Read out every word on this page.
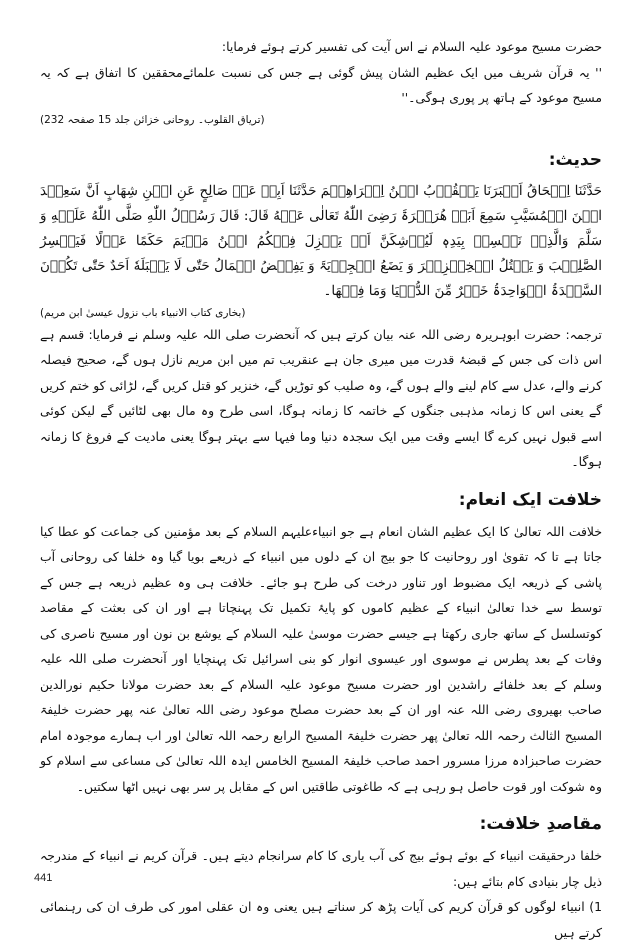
حضرت مسیح موعود علیہ السلام نے اس آیت کی تفسیر کرتے ہوئے فرمایا:

'' یہ قرآن شریف میں ایک عظیم الشان پیش گوئی ہے جس کی نسبت علمائےمحققین کا اتفاق ہے کہ یہ مسیح موعود کے ہاتھ پر پوری ہوگی۔''

(تریاق القلوب۔ روحانی خزائن جلد 15 صفحہ 232)

حدیث:

حَدَّثَنَا اِسۡحَاقُ اَخۡبَرَنَا یَعۡقُوۡبُ ابۡنُ اِبۡرَاهِیۡمَ حَدَّثَنَا اَبِیۡ عَنۡ صَالِحٍ عَنِ ابۡنِ شِهَابٍ اَنَّ سَعِیۡدَ ابۡنَ الۡمُسَیَّبِ سَمِعَ اَبَیۡ هُرَیۡرَۃَ رَضِیَ اللّٰهُ تَعَالٰی عَنۡهُ قَالَ: قَالَ رَسُوۡلُ اللّٰهِ صَلَّی اللّٰهُ عَلَیۡهِ وَ سَلَّمَ وَالَّذِیۡ نَفۡسِیۡ بِیَدِهٖ لَیُوۡشِکَنَّ اَنۡ یَنۡزِلَ فِیۡکُمُ ابۡنُ مَرۡیَمَ حَکَمًا عَدۡلًا فَیَکۡسِرُ الصَّلِیۡبَ وَ یَقۡتُلُ الۡخِنۡزِیۡرَ وَ یَضَعُ الۡجِزۡیَۃَ وَ یَفِیۡضُ الۡمَالُ حَتّٰی لَا یَقۡبَلَهٗ اَحَدٌ حَتّٰی تَکُوۡنَ السَّجۡدَۃُ الۡوَاحِدَۃُ خَیۡرٌ مِّنَ الدُّنۡیَا وَمَا فِیۡهَا۔

(بخاری کتاب الانبیاء باب نزول عیسیٰ ابن مریم)

ترجمہ: حضرت ابوہریرہ رضی اللہ عنہ بیان کرتے ہیں کہ آنحضرت صلی اللہ علیہ وسلم نے فرمایا: قسم ہے اس ذات کی جس کے قبضۂ قدرت میں میری جان ہے عنقریب تم میں ابن مریم نازل ہوں گے، صحیح فیصلہ کرنے والے، عدل سے کام لینے والے ہوں گے، وہ صلیب کو توڑیں گے، خنزیر کو قتل کریں گے، لڑائی کو ختم کریں گے یعنی اس کا زمانہ مذہبی جنگوں کے خاتمہ کا زمانہ ہوگا، اسی طرح وہ مال بھی لٹائیں گے لیکن کوئی اسے قبول نہیں کرے گا ایسے وقت میں ایک سجدہ دنیا وما فیہا سے بہتر ہوگا یعنی مادیت کے فروغ کا زمانہ ہوگا۔

خلافت ایک انعام:

خلافت اللہ تعالیٰ کا ایک عظیم الشان انعام ہے جو انبیاءعلیہم السلام کے بعد مؤمنین کی جماعت کو عطا کیا جاتا ہے تا کہ تقویٰ اور روحانیت کا جو بیج ان کے دلوں میں انبیاء کے ذریعے بویا گیا وہ خلفا کی روحانی آب پاشی کے ذریعہ ایک مضبوط اور تناور درخت کی طرح ہو جائے۔ خلافت ہی وہ عظیم ذریعہ ہے جس کے توسط سے خدا تعالیٰ انبیاء کے عظیم کاموں کو پایۂ تکمیل تک پہنچاتا ہے اور ان کی بعثت کے مقاصد کوتسلسل کے ساتھ جاری رکھتا ہے جیسے حضرت موسیٰ علیہ السلام کے یوشع بن نون اور مسیح ناصری کی وفات کے بعد پطرس نے موسوی اور عیسوی انوار کو بنی اسرائیل تک پہنچایا اور آنحضرت صلی اللہ علیہ وسلم کے بعد خلفائے راشدین اور حضرت مسیح موعود علیہ السلام کے بعد حضرت مولانا حکیم نورالدین صاحب بھیروی رضی اللہ عنہ اور ان کے بعد حضرت مصلح موعود رضی اللہ تعالیٰ عنہ پھر حضرت خلیفۃ المسیح الثالث رحمہ اللہ تعالیٰ پھر حضرت خلیفۃ المسیح الرابع رحمہ اللہ تعالیٰ اور اب ہمارے موجودہ امام حضرت صاحبزادہ مرزا مسرور احمد صاحب خلیفۃ المسیح الخامس ایدہ اللہ تعالیٰ کی مساعی سے اسلام کو وہ شوکت اور قوت حاصل ہو رہی ہے کہ طاغوتی طاقتیں اس کے مقابل پر سر بھی نہیں اٹھا سکتیں۔

مقاصدِ خلافت:

خلفا درحقیقت انبیاء کے بوئے ہوئے بیج کی آب یاری کا کام سرانجام دیتے ہیں۔ قرآن کریم نے انبیاء کے مندرجہ ذیل چار بنیادی کام بتائے ہیں:

1) انبیاء لوگوں کو قرآن کریم کی آیات پڑھ کر سناتے ہیں یعنی وہ ان عقلی امور کی طرف ان کی رہنمائی کرتے ہیں

441
